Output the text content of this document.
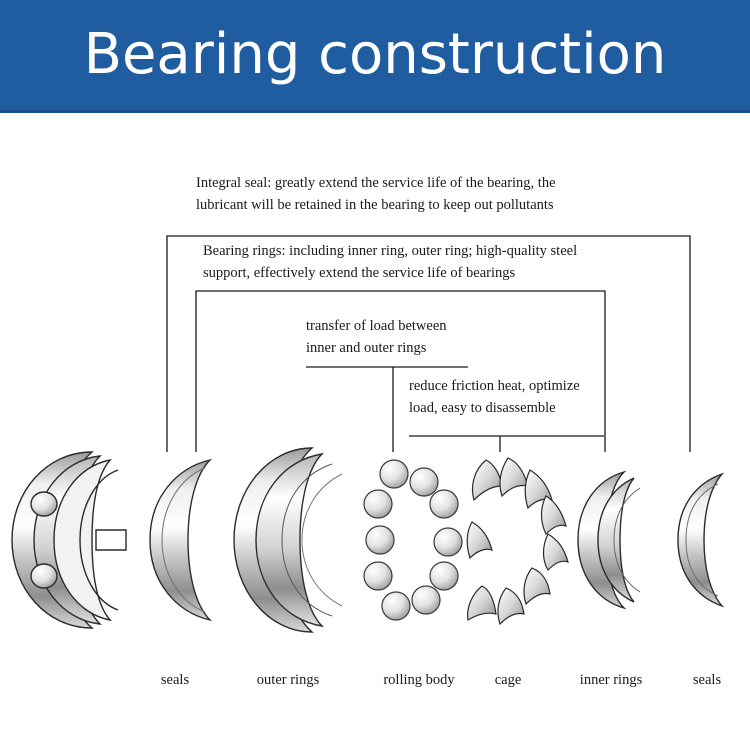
Bearing construction
Integral seal: greatly extend the service life of the bearing, the
lubricant will be retained in the bearing to keep out pollutants
Bearing rings: including inner ring, outer ring; high-quality steel
support, effectively extend the service life of bearings
transfer of load between
inner and outer rings
reduce friction heat, optimize
load, easy to disassemble
seals	outer rings	rolling body	cage	inner rings	seals
